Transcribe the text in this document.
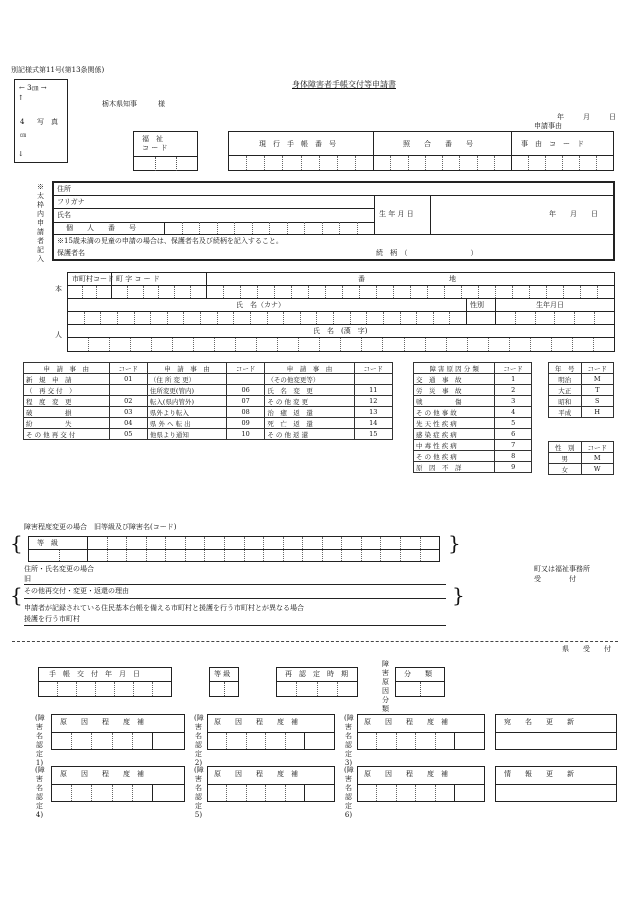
別記様式第11号(第13条関係)
身体障害者手帳交付等申請書
← 3㎝ →
4
㎝
写　真
↑
↓
栃木県知事　　　様
年	月	日
申請事由
福　祉
コ ー ド	現　行　手　帳　番　号	照　　合　　番　　号	事　由　コ　ー　ド
※太枠内申請者記入
住所
フリガナ
氏名	生 年 月 日	年　　月　　日
個　　人　　番　　号
※15歳未満の児童の申請の場合は、保護者名及び続柄を記入すること。
保護者名	続　柄　（　　　　　　　　　）
本
人
市町村コード 町 字 コ ー ド	番　　　　　　　　　　　　地
氏　名（カナ）	性別	生年月日
氏　名　(漢　字)
申　請　事　由	コード	申　請　事　由	コード	申　請　事　由	コード
新　規　申　請	01	（住 所 変 更）		（その他変更等）	
（　再 交 付　）		住所変更(管内)	06	氏　名　変　更	11
程　度　変　更	02	転入(県内管外)	07	そ の 他 変 更	12
破　　　　　損	03	県外より転入	08	治　癒　返　還	13
紛　　　　　失	04	県 外 へ 転 出	09	死　亡　返　還	14
そ の 他 再 交 付	05	他県より通知	10	そ の 他 返 還	15
障 害 原 因 分 類	コード
交　通　事　故	1
労　災　事　故	2
戦　　　　　傷	3
そ の 他 事 故	4
先 天 性 疾 病	5
感 染 症 疾 病	6
中 毒 性 疾 病	7
そ の 他 疾 病	8
原　因　不　詳	9
年　号	コード
明治	M
大正	T
昭和	S
平成	H
性　別	コード
男	M
女	W
{
障害程度変更の場合　旧等級及び障害名(コード)
等　級	}
住所・氏名変更の場合
旧
その他再交付・変更・返還の理由
申請者が記録されている住民基本台帳を備える市町村と援護を行う市町村とが異なる場合
援護を行う市町村
{	}
町又は福祉事務所
受　　　　付
県　　受　　付
手　帳　交　付　年　月　日	等 級	再　認　定　時　期
障害原因分類
分　　類
(障害名認定1)
(障害名認定4)
(障害名認定2)
(障害名認定5)
(障害名認定3)
(障害名認定6)
原　　因　　程　　度　補	原　　因　　程　　度　補	原　　因　　程　　度　補	宛　　名　　更　　新
原　　因　　程　　度　補	原　　因　　程　　度　補	原　　因　　程　　度　補	情　　報　　更　　新
